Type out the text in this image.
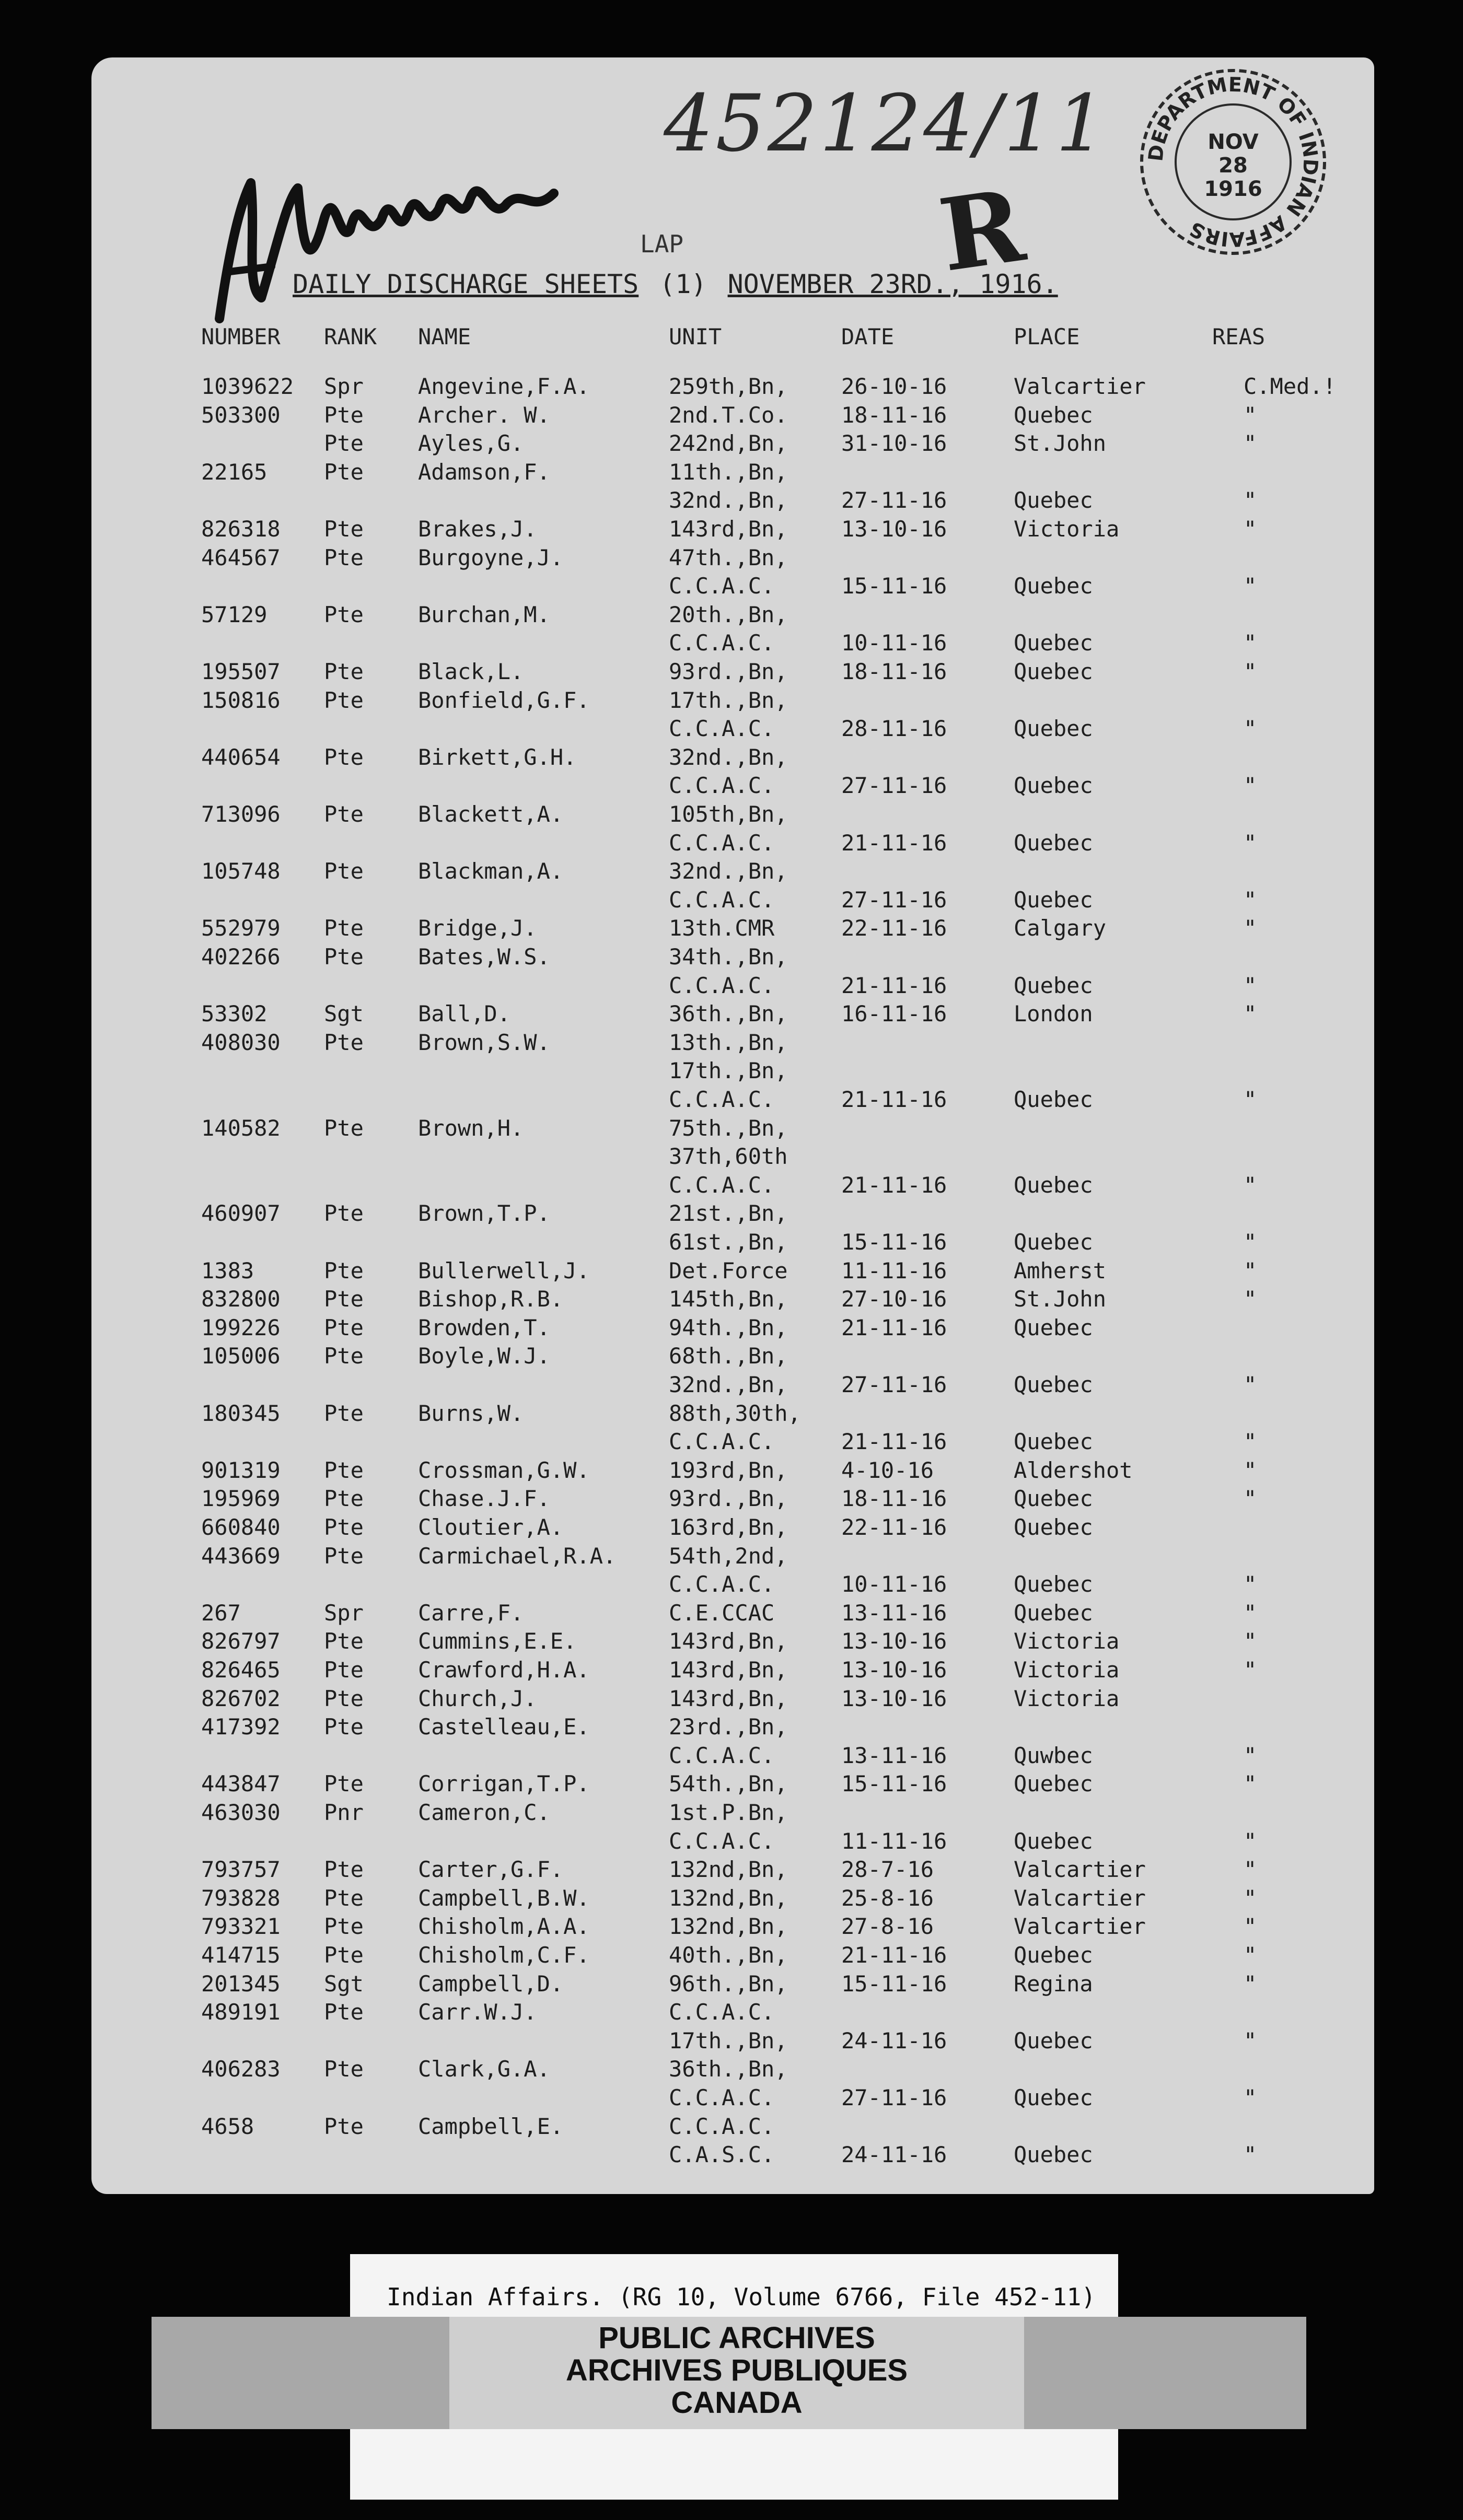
452124/11 DEPARTMENT OF INDIAN AFFAIRS
NOV
28
1916
R
LAP
DAILY DISCHARGE SHEETS (1) NOVEMBER 23RD., 1916.
NUMBER RANK NAME	UNIT	DATE	PLACE	REAS
1039622 Spr Angevine,F.A.	259th,Bn, 26-10-16	Valcartier	C.Med.!
503300 Pte Archer. W.	2nd.T.Co. 18-11-16	Quebec	"
Pte Ayles,G.	242nd,Bn, 31-10-16	St.John	"
22165	Pte Adamson,F.	11th.,Bn,
32nd.,Bn, 27-11-16	Quebec	"
826318 Pte Brakes,J.	143rd,Bn, 13-10-16	Victoria	"
464567 Pte Burgoyne,J.	47th.,Bn,
C.C.A.C.	15-11-16	Quebec	"
57129	Pte Burchan,M.	20th.,Bn,
C.C.A.C.	10-11-16	Quebec	"
195507 Pte Black,L.	93rd.,Bn, 18-11-16	Quebec	"
150816 Pte Bonfield,G.F.	17th.,Bn,
C.C.A.C.	28-11-16	Quebec	"
440654 Pte Birkett,G.H.	32nd.,Bn,
C.C.A.C.	27-11-16	Quebec	"
713096 Pte Blackett,A.	105th,Bn,
C.C.A.C.	21-11-16	Quebec	"
105748 Pte Blackman,A.	32nd.,Bn,
C.C.A.C.	27-11-16	Quebec	"
552979 Pte Bridge,J.	13th.CMR	22-11-16	Calgary	"
402266 Pte Bates,W.S.	34th.,Bn,
C.C.A.C.	21-11-16	Quebec	"
53302	Sgt Ball,D.	36th.,Bn, 16-11-16	London	"
408030 Pte Brown,S.W.	13th.,Bn,
17th.,Bn,
C.C.A.C.	21-11-16	Quebec	"
140582 Pte Brown,H.	75th.,Bn,
37th,60th
C.C.A.C.	21-11-16	Quebec	"
460907 Pte Brown,T.P.	21st.,Bn,
61st.,Bn, 15-11-16	Quebec	"
1383	Pte Bullerwell,J.	Det.Force 11-11-16	Amherst	"
832800 Pte Bishop,R.B.	145th,Bn, 27-10-16	St.John	"
199226 Pte Browden,T.	94th.,Bn, 21-11-16	Quebec
105006 Pte Boyle,W.J.	68th.,Bn,
32nd.,Bn, 27-11-16	Quebec	"
180345 Pte Burns,W.	88th,30th,
C.C.A.C.	21-11-16	Quebec	"
901319 Pte Crossman,G.W.	193rd,Bn, 4-10-16	Aldershot	"
195969 Pte Chase.J.F.	93rd.,Bn, 18-11-16	Quebec	"
660840 Pte Cloutier,A.	163rd,Bn, 22-11-16	Quebec
443669 Pte Carmichael,R.A. 54th,2nd,
C.C.A.C.	10-11-16	Quebec	"
267	Spr Carre,F.	C.E.CCAC	13-11-16	Quebec	"
826797 Pte Cummins,E.E.	143rd,Bn, 13-10-16	Victoria	"
826465 Pte Crawford,H.A.	143rd,Bn, 13-10-16	Victoria	"
826702 Pte Church,J.	143rd,Bn, 13-10-16	Victoria
417392 Pte Castelleau,E.	23rd.,Bn,
C.C.A.C.	13-11-16	Quwbec	"
443847 Pte Corrigan,T.P.	54th.,Bn, 15-11-16	Quebec	"
463030 Pnr Cameron,C.	1st.P.Bn,
C.C.A.C.	11-11-16	Quebec	"
793757 Pte Carter,G.F.	132nd,Bn, 28-7-16	Valcartier	"
793828 Pte Campbell,B.W.	132nd,Bn, 25-8-16	Valcartier	"
793321 Pte Chisholm,A.A.	132nd,Bn, 27-8-16	Valcartier	"
414715 Pte Chisholm,C.F.	40th.,Bn, 21-11-16	Quebec	"
201345 Sgt Campbell,D.	96th.,Bn, 15-11-16	Regina	"
489191 Pte Carr.W.J.	C.C.A.C.
17th.,Bn, 24-11-16	Quebec	"
406283 Pte Clark,G.A.	36th.,Bn,
C.C.A.C.	27-11-16	Quebec	"
4658	Pte Campbell,E.	C.C.A.C.
C.A.S.C.	24-11-16	Quebec	"
Indian Affairs. (RG 10, Volume 6766, File 452-11)
PUBLIC ARCHIVES
ARCHIVES PUBLIQUES
CANADA
